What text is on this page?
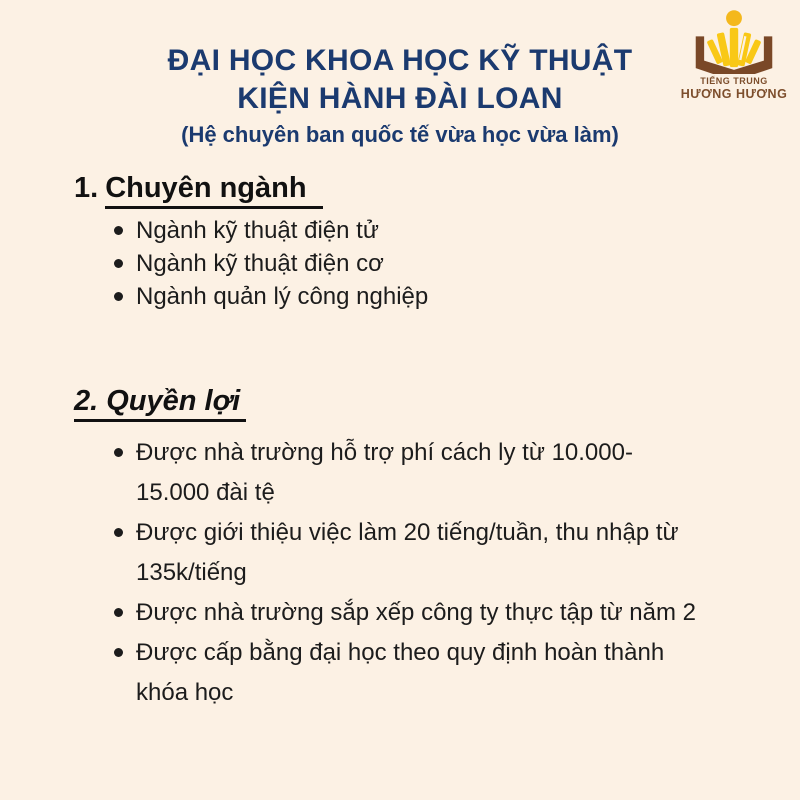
TIẾNG TRUNG
HƯƠNG HƯƠNG
ĐẠI HỌC KHOA HỌC KỸ THUẬT
KIỆN HÀNH ĐÀI LOAN
(Hệ chuyên ban quốc tế vừa học vừa làm)
1. Chuyên ngành
Ngành kỹ thuật điện tử
Ngành kỹ thuật điện cơ
Ngành quản lý công nghiệp
2. Quyền lợi
Được nhà trường hỗ trợ phí cách ly từ 10.000-15.000 đài tệ
Được giới thiệu việc làm 20 tiếng/tuần, thu nhập từ 135k/tiếng
Được nhà trường sắp xếp công ty thực tập từ năm 2
Được cấp bằng đại học theo quy định hoàn thành khóa học
